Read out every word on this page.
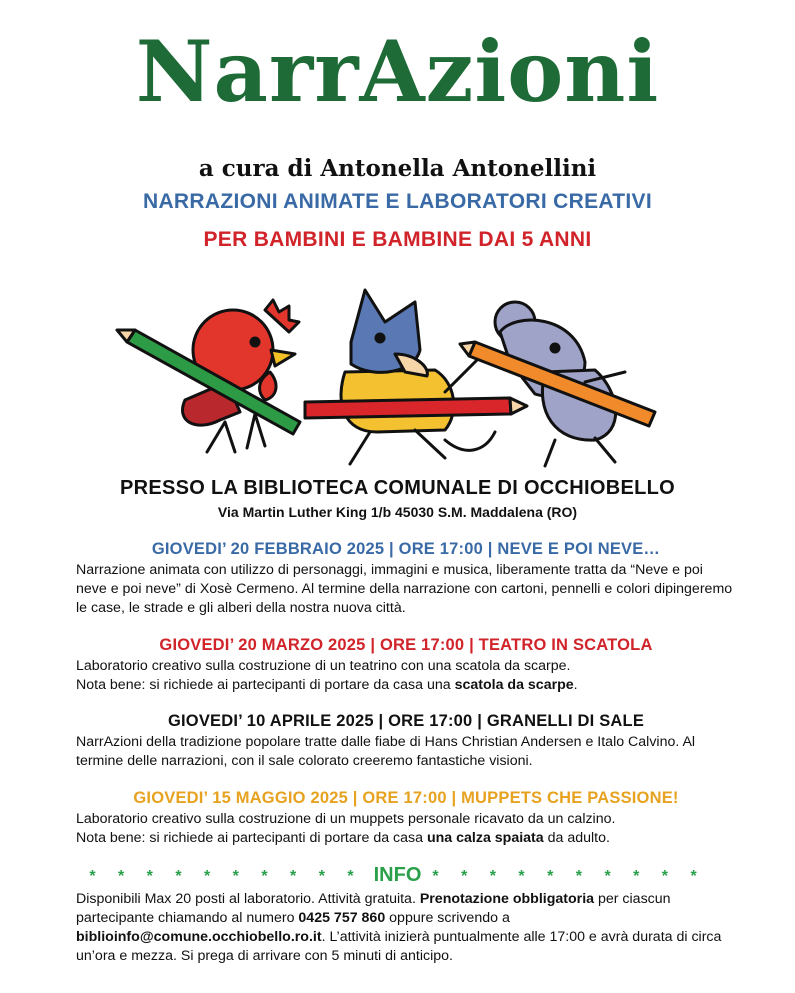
NarrAzioni
a cura di Antonella Antonellini
NARRAZIONI ANIMATE E LABORATORI CREATIVI
PER BAMBINI E BAMBINE DAI 5 ANNI
PRESSO LA BIBLIOTECA COMUNALE DI OCCHIOBELLO
Via Martin Luther King 1/b 45030 S.M. Maddalena (RO)
GIOVEDI’ 20 FEBBRAIO 2025 | ORE 17:00 | NEVE E POI NEVE…
Narrazione animata con utilizzo di personaggi, immagini e musica, liberamente tratta da “Neve e poi neve e poi neve” di Xosè Cermeno. Al termine della narrazione con cartoni, pennelli e colori dipingeremo le case, le strade e gli alberi della nostra nuova città.
GIOVEDI’ 20 MARZO 2025 | ORE 17:00 | TEATRO IN SCATOLA
Laboratorio creativo sulla costruzione di un teatrino con una scatola da scarpe.
Nota bene: si richiede ai partecipanti di portare da casa una scatola da scarpe.
GIOVEDI’ 10 APRILE 2025 | ORE 17:00 | GRANELLI DI SALE
NarrAzioni della tradizione popolare tratte dalle fiabe di Hans Christian Andersen e Italo Calvino. Al termine delle narrazioni, con il sale colorato creeremo fantastiche visioni.
GIOVEDI’ 15 MAGGIO 2025 | ORE 17:00 | MUPPETS CHE PASSIONE!
Laboratorio creativo sulla costruzione di un muppets personale ricavato da un calzino.
Nota bene: si richiede ai partecipanti di portare da casa una calza spaiata da adulto.
* * * * * * * * * * INFO * * * * * * * * * *
Disponibili Max 20 posti al laboratorio. Attività gratuita. Prenotazione obbligatoria per ciascun partecipante chiamando al numero 0425 757 860 oppure scrivendo a biblioinfo@comune.occhiobello.ro.it. L’attività inizierà puntualmente alle 17:00 e avrà durata di circa un’ora e mezza. Si prega di arrivare con 5 minuti di anticipo.
